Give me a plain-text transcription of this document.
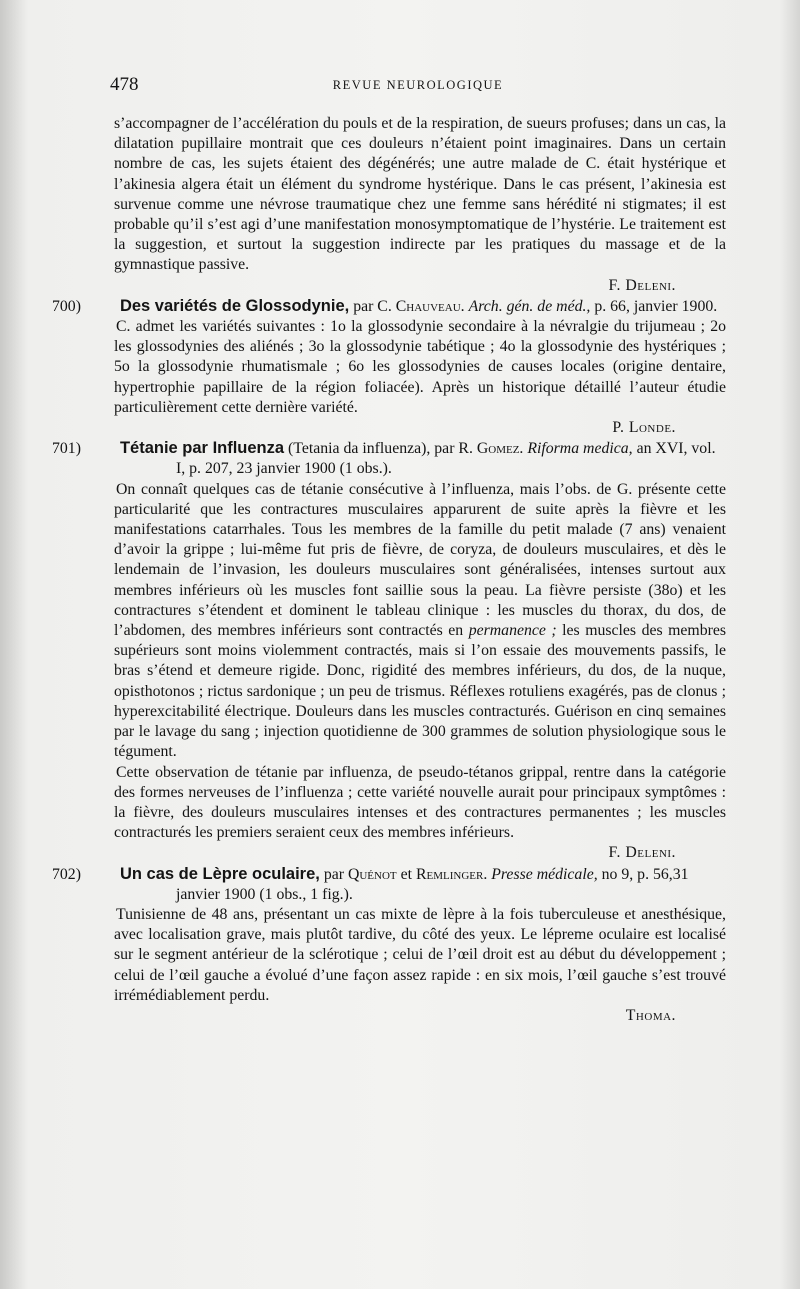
478	REVUE NEUROLOGIQUE

s’accompagner de l’accélération du pouls et de la respiration, de sueurs profuses; dans un cas, la dilatation pupillaire montrait que ces douleurs n’étaient point imaginaires. Dans un certain nombre de cas, les sujets étaient des dégénérés; une autre malade de C. était hystérique et l’akinesia algera était un élément du syndrome hystérique. Dans le cas présent, l’akinesia est survenue comme une névrose traumatique chez une femme sans hérédité ni stigmates; il est probable qu’il s’est agi d’une manifestation monosymptomatique de l’hystérie. Le traitement est la suggestion, et surtout la suggestion indirecte par les pratiques du massage et de la gymnastique passive.

F. Deleni.

700) Des variétés de Glossodynie, par C. Chauveau. Arch. gén. de méd., p. 66, janvier 1900.

C. admet les variétés suivantes : 1o la glossodynie secondaire à la névralgie du trijumeau ; 2o les glossodynies des aliénés ; 3o la glossodynie tabétique ; 4o la glossodynie des hystériques ; 5o la glossodynie rhumatismale ; 6o les glossodynies de causes locales (origine dentaire, hypertrophie papillaire de la région foliacée). Après un historique détaillé l’auteur étudie particulièrement cette dernière variété.

P. Londe.

701) Tétanie par Influenza (Tetania da influenza), par R. Gomez. Riforma medica, an XVI, vol. I, p. 207, 23 janvier 1900 (1 obs.).

On connaît quelques cas de tétanie consécutive à l’influenza, mais l’obs. de G. présente cette particularité que les contractures musculaires apparurent de suite après la fièvre et les manifestations catarrhales. Tous les membres de la famille du petit malade (7 ans) venaient d’avoir la grippe ; lui-même fut pris de fièvre, de coryza, de douleurs musculaires, et dès le lendemain de l’invasion, les douleurs musculaires sont généralisées, intenses surtout aux membres inférieurs où les muscles font saillie sous la peau. La fièvre persiste (38o) et les contractures s’étendent et dominent le tableau clinique : les muscles du thorax, du dos, de l’abdomen, des membres inférieurs sont contractés en permanence ; les muscles des membres supérieurs sont moins violemment contractés, mais si l’on essaie des mouvements passifs, le bras s’étend et demeure rigide. Donc, rigidité des membres inférieurs, du dos, de la nuque, opisthotonos ; rictus sardonique ; un peu de trismus. Réflexes rotuliens exagérés, pas de clonus ; hyperexcitabilité électrique. Douleurs dans les muscles contracturés. Guérison en cinq semaines par le lavage du sang ; injection quotidienne de 300 grammes de solution physiologique sous le tégument.

Cette observation de tétanie par influenza, de pseudo-tétanos grippal, rentre dans la catégorie des formes nerveuses de l’influenza ; cette variété nouvelle aurait pour principaux symptômes : la fièvre, des douleurs musculaires intenses et des contractures permanentes ; les muscles contracturés les premiers seraient ceux des membres inférieurs.

F. Deleni.

702) Un cas de Lèpre oculaire, par Quénot et Remlinger. Presse médicale, no 9, p. 56,31 janvier 1900 (1 obs., 1 fig.).

Tunisienne de 48 ans, présentant un cas mixte de lèpre à la fois tuberculeuse et anesthésique, avec localisation grave, mais plutôt tardive, du côté des yeux. Le lépreme oculaire est localisé sur le segment antérieur de la sclérotique ; celui de l’œil droit est au début du développement ; celui de l’œil gauche a évolué d’une façon assez rapide : en six mois, l’œil gauche s’est trouvé irrémédiablement perdu.

Thoma.
